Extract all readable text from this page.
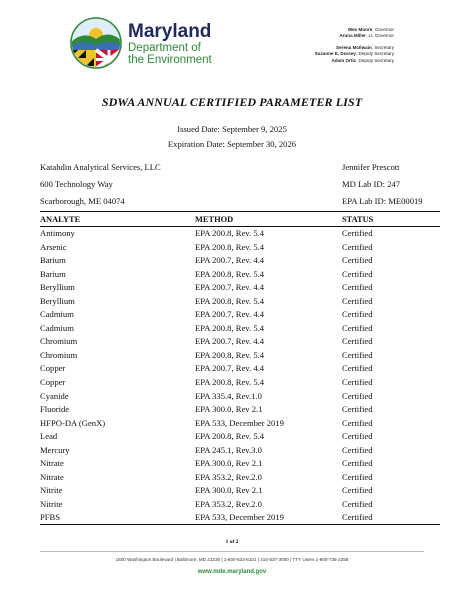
Maryland
Department of
the Environment
Wes Moore, Governor
Aruna Miller, Lt. Governor
Serena McIlwain, Secretary
Suzanne E. Dorsey, Deputy Secretary
Adam Ortiz, Deputy Secretary
SDWA ANNUAL CERTIFIED PARAMETER LIST
Issued Date: September 9, 2025
Expiration Date: September 30, 2026
Katahdin Analytical Services, LLC
600 Technology Way
Scarborough, ME 04074
Jennifer Prescott
MD Lab ID: 247
EPA Lab ID: ME00019
ANALYTE	METHOD	STATUS
Antimony	EPA 200.8, Rev. 5.4	Certified
Arsenic	EPA 200.8, Rev. 5.4	Certified
Barium	EPA 200.7, Rev. 4.4	Certified
Barium	EPA 200.8, Rev. 5.4	Certified
Beryllium	EPA 200.7, Rev. 4.4	Certified
Beryllium	EPA 200.8, Rev. 5.4	Certified
Cadmium	EPA 200.7, Rev. 4.4	Certified
Cadmium	EPA 200.8, Rev. 5.4	Certified
Chromium	EPA 200.7, Rev. 4.4	Certified
Chromium	EPA 200.8, Rev. 5.4	Certified
Copper	EPA 200.7, Rev. 4.4	Certified
Copper	EPA 200.8, Rev. 5.4	Certified
Cyanide	EPA 335.4, Rev.1.0	Certified
Fluoride	EPA 300.0, Rev 2.1	Certified
HFPO-DA (GenX)	EPA 533, December 2019	Certified
Lead	EPA 200.8, Rev. 5.4	Certified
Mercury	EPA 245.1, Rev.3.0	Certified
Nitrate	EPA 300.0, Rev 2.1	Certified
Nitrate	EPA 353.2, Rev.2.0	Certified
Nitrite	EPA 300.0, Rev 2.1	Certified
Nitrite	EPA 353.2, Rev.2.0	Certified
PFBS	EPA 533, December 2019	Certified
1 of 2
1800 Washington Boulevard | Baltimore, MD 21230 | 1-800-633-6101 | 410-537-3000 | TTY Users 1-800-735-2258
www.mde.maryland.gov
